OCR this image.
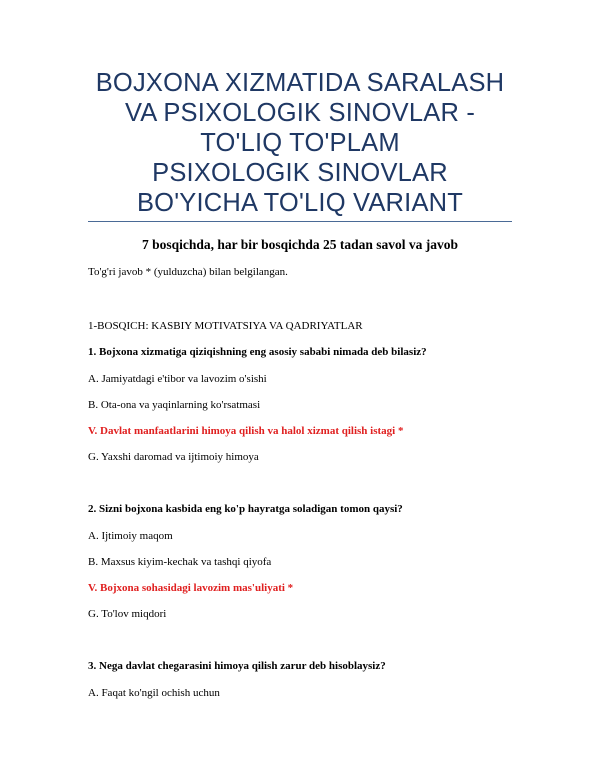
BOJXONA XIZMATIDA SARALASH
VA PSIXOLOGIK SINOVLAR -
TO'LIQ TO'PLAM
PSIXOLOGIK SINOVLAR
BO'YICHA TO'LIQ VARIANT
7 bosqichda, har bir bosqichda 25 tadan savol va javob
To'g'ri javob * (yulduzcha) bilan belgilangan.
1-BOSQICH: KASBIY MOTIVATSIYA VA QADRIYATLAR
1. Bojxona xizmatiga qiziqishning eng asosiy sababi nimada deb bilasiz?
A. Jamiyatdagi e'tibor va lavozim o'sishi
B. Ota-ona va yaqinlarning ko'rsatmasi
V. Davlat manfaatlarini himoya qilish va halol xizmat qilish istagi *
G. Yaxshi daromad va ijtimoiy himoya
2. Sizni bojxona kasbida eng ko'p hayratga soladigan tomon qaysi?
A. Ijtimoiy maqom
B. Maxsus kiyim-kechak va tashqi qiyofa
V. Bojxona sohasidagi lavozim mas'uliyati *
G. To'lov miqdori
3. Nega davlat chegarasini himoya qilish zarur deb hisoblaysiz?
A. Faqat ko'ngil ochish uchun
